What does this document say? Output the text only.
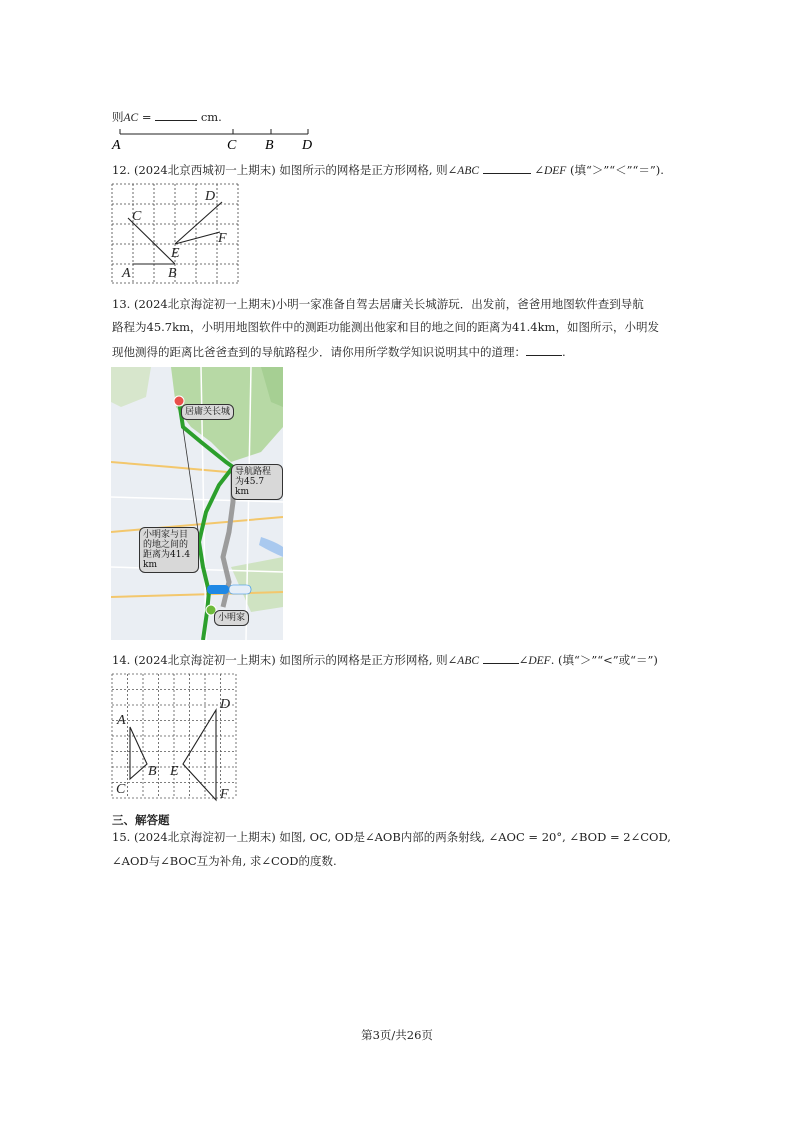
则AC =	cm.
A	C B D
12. (2024北京西城初一上期末) 如图所示的网格是正方形网格, 则∠ABC	∠DEF (填“＞”“＜”“＝”).
D
C
F
E
A	B
13. (2024北京海淀初一上期末)小明一家准备自驾去居庸关长城游玩．出发前，爸爸用地图软件查到导航
路程为45.7km，小明用地图软件中的测距功能测出他家和目的地之间的距离为41.4km，如图所示，小明发
现他测得的距离比爸爸查到的导航路程少．请你用所学数学知识说明其中的道理：	.
居庸关长城
导航路程为45.7 km
小明家与目的地之间的距离为41.4 km
小明家
14. (2024北京海淀初一上期末) 如图所示的网格是正方形网格, 则∠ABC	∠DEF. (填“＞”“<”或“＝”)
A
B
C
D
E
F
三、解答题
15. (2024北京海淀初一上期末) 如图, OC, OD是∠AOB内部的两条射线, ∠AOC = 20°, ∠BOD = 2∠COD,
∠AOD与∠BOC互为补角, 求∠COD的度数.
第3页/共26页
